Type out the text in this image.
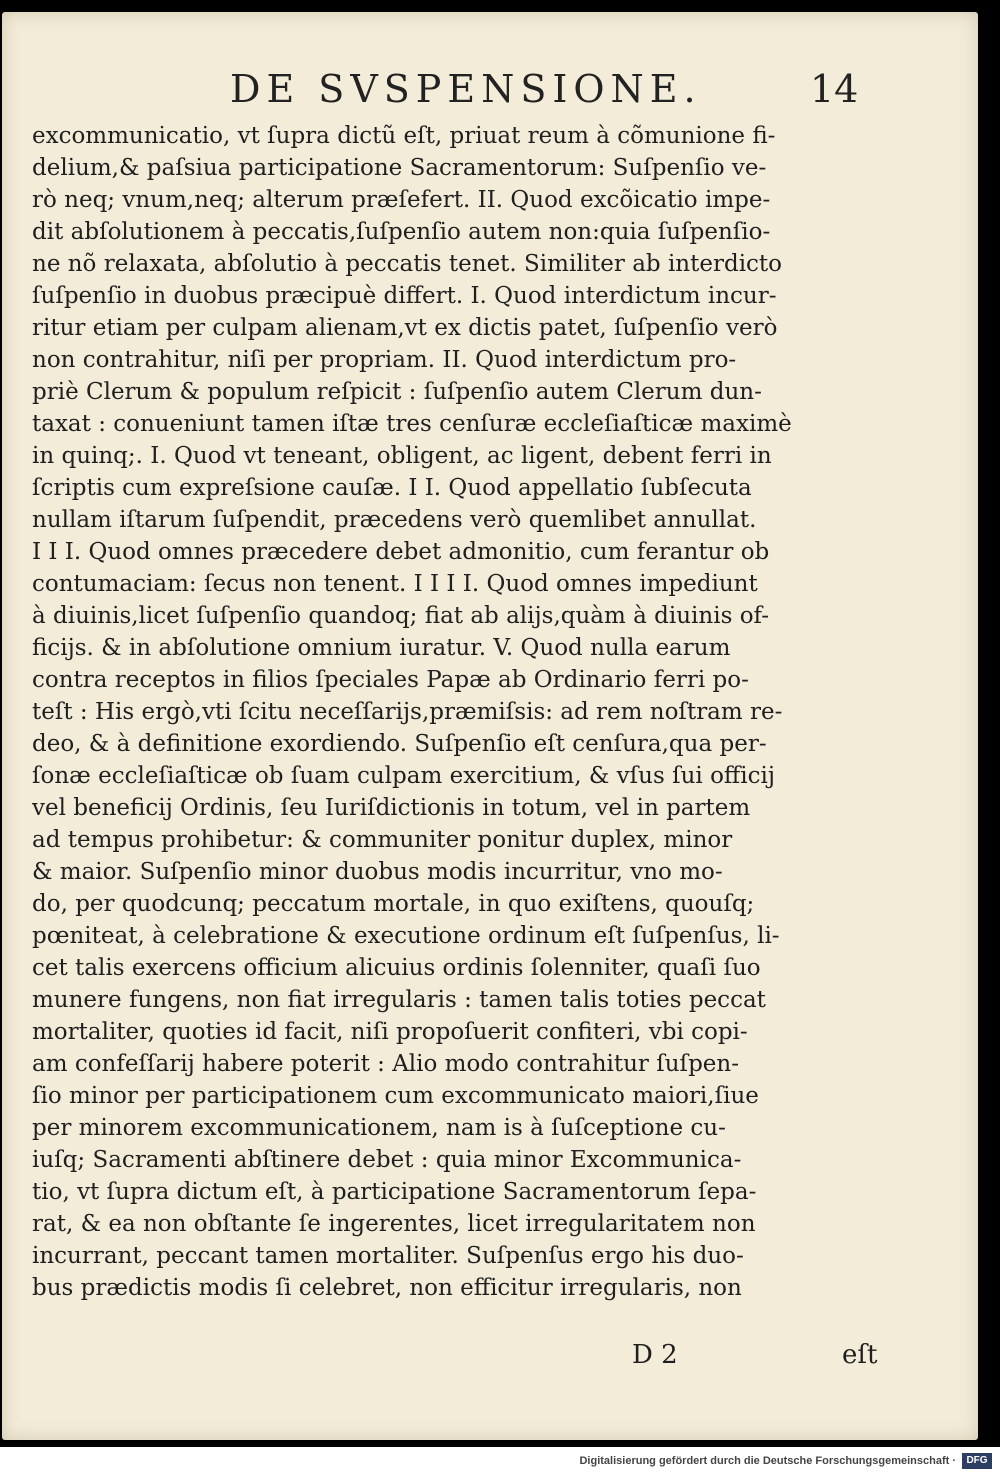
DE SVSPENSIONE.	14
excommunicatio, vt ſupra dictũ eſt, priuat reum à cõmunione fi-
delium,& paſsiua participatione Sacramentorum: Suſpenſio ve-
rò neq; vnum,neq; alterum præſefert. II. Quod excõicatio impe-
dit abſolutionem à peccatis,ſuſpenſio autem non:quia ſuſpenſio-
ne nõ relaxata, abſolutio à peccatis tenet. Similiter ab interdicto
ſuſpenſio in duobus præcipuè differt. I. Quod interdictum incur-
ritur etiam per culpam alienam,vt ex dictis patet, ſuſpenſio verò
non contrahitur, niſi per propriam. II. Quod interdictum pro-
priè Clerum & populum reſpicit : ſuſpenſio autem Clerum dun-
taxat : conueniunt tamen iſtæ tres cenſuræ eccleſiaſticæ maximè
in quinq;. I. Quod vt teneant, obligent, ac ligent, debent ferri in
ſcriptis cum expreſsione cauſæ. I I. Quod appellatio ſubſecuta
nullam iſtarum ſuſpendit, præcedens verò quemlibet annullat.
I I I. Quod omnes præcedere debet admonitio, cum ferantur ob
contumaciam: ſecus non tenent. I I I I. Quod omnes impediunt
à diuinis,licet ſuſpenſio quandoq; fiat ab alijs,quàm à diuinis of-
ficijs. & in abſolutione omnium iuratur. V. Quod nulla earum
contra receptos in filios ſpeciales Papæ ab Ordinario ferri po-
teſt : His ergò,vti ſcitu neceſſarijs,præmiſsis: ad rem noſtram re-
deo, & à definitione exordiendo. Suſpenſio eſt cenſura,qua per-
ſonæ eccleſiaſticæ ob ſuam culpam exercitium, & vſus ſui officij
vel beneficij Ordinis, ſeu Iuriſdictionis in totum, vel in partem
ad tempus prohibetur: & communiter ponitur duplex, minor
& maior. Suſpenſio minor duobus modis incurritur, vno mo-
do, per quodcunq; peccatum mortale, in quo exiſtens, quouſq;
pœniteat, à celebratione & executione ordinum eſt ſuſpenſus, li-
cet talis exercens officium alicuius ordinis ſolenniter, quaſi ſuo
munere fungens, non fiat irregularis : tamen talis toties peccat
mortaliter, quoties id facit, niſi propoſuerit confiteri, vbi copi-
am confeſſarij habere poterit : Alio modo contrahitur ſuſpen-
ſio minor per participationem cum excommunicato maiori,ſiue
per minorem excommunicationem, nam is à ſuſceptione cu-
iuſq; Sacramenti abſtinere debet : quia minor Excommunica-
tio, vt ſupra dictum eſt, à participatione Sacramentorum ſepa-
rat, & ea non obſtante ſe ingerentes, licet irregularitatem non
incurrant, peccant tamen mortaliter. Suſpenſus ergo his duo-
bus prædictis modis ſi celebret, non efficitur irregularis, non
D 2	eſt
Digitalisierung gefördert durch die Deutsche Forschungsgemeinschaft ·	DFG
